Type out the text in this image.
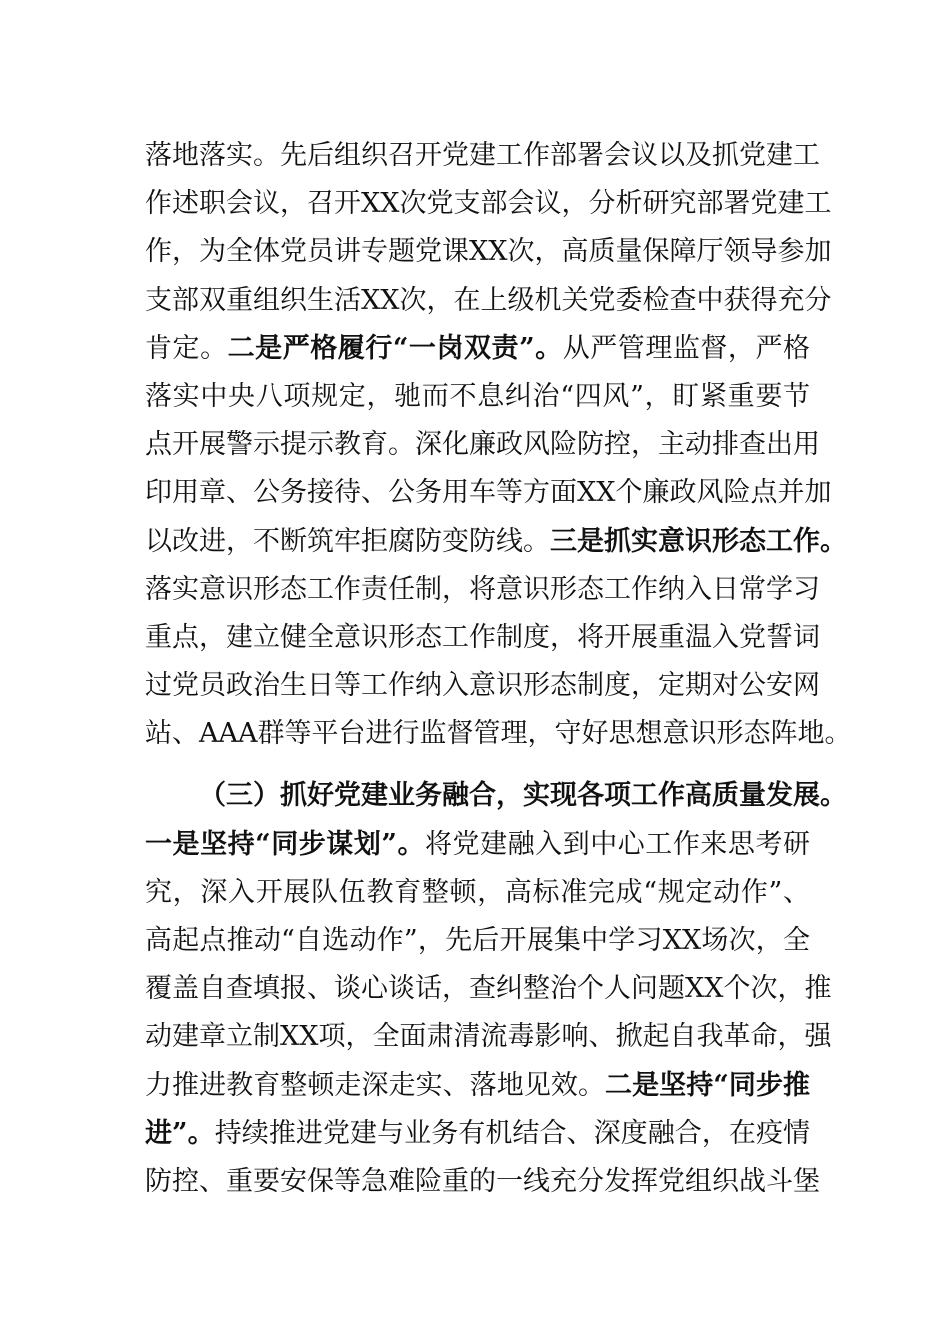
落地落实。先后组织召开党建工作部署会议以及抓党建工
作述职会议，召开XX次党支部会议，分析研究部署党建工
作，为全体党员讲专题党课XX次，高质量保障厅领导参加
支部双重组织生活XX次，在上级机关党委检查中获得充分
肯定。二是严格履行“一岗双责”。从严管理监督，严格
落实中央八项规定，驰而不息纠治“四风”，盯紧重要节
点开展警示提示教育。深化廉政风险防控，主动排查出用
印用章、公务接待、公务用车等方面XX个廉政风险点并加
以改进，不断筑牢拒腐防变防线。三是抓实意识形态工作。
落实意识形态工作责任制，将意识形态工作纳入日常学习
重点，建立健全意识形态工作制度，将开展重温入党誓词
过党员政治生日等工作纳入意识形态制度，定期对公安网
站、AAA群等平台进行监督管理，守好思想意识形态阵地。
（三）抓好党建业务融合，实现各项工作高质量发展。
一是坚持“同步谋划”。将党建融入到中心工作来思考研
究，深入开展队伍教育整顿，高标准完成“规定动作”、
高起点推动“自选动作”，先后开展集中学习XX场次，全
覆盖自查填报、谈心谈话，查纠整治个人问题XX个次，推
动建章立制XX项，全面肃清流毒影响、掀起自我革命，强
力推进教育整顿走深走实、落地见效。二是坚持“同步推
进”。持续推进党建与业务有机结合、深度融合，在疫情
防控、重要安保等急难险重的一线充分发挥党组织战斗堡
